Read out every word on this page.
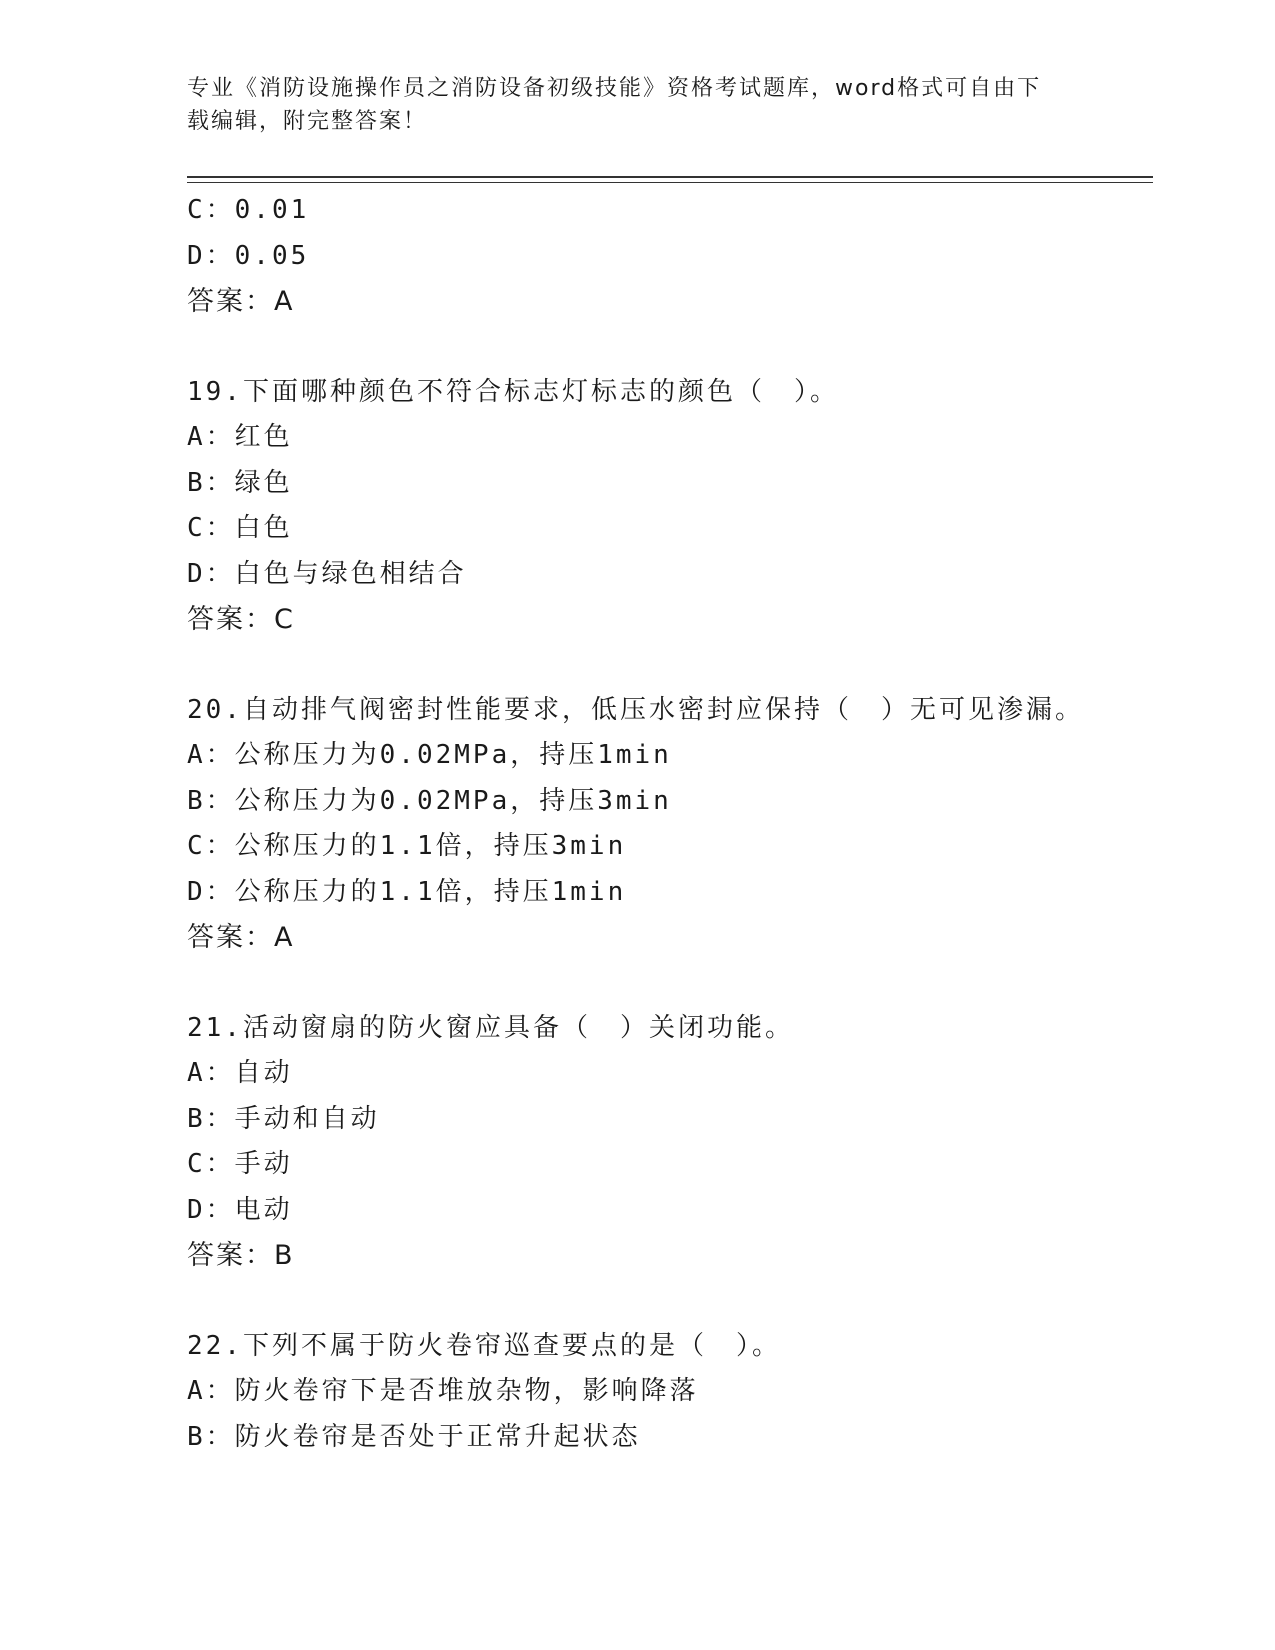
专业《消防设施操作员之消防设备初级技能》资格考试题库，word格式可自由下
载编辑，附完整答案！
C：0.01
D：0.05
答案：A
19.下面哪种颜色不符合标志灯标志的颜色（　）。
A：红色
B：绿色
C：白色
D：白色与绿色相结合
答案：C
20.自动排气阀密封性能要求，低压水密封应保持（　）无可见渗漏。
A：公称压力为0.02MPa，持压1min
B：公称压力为0.02MPa，持压3min
C：公称压力的1.1倍，持压3min
D：公称压力的1.1倍，持压1min
答案：A
21.活动窗扇的防火窗应具备（　）关闭功能。
A：自动
B：手动和自动
C：手动
D：电动
答案：B
22.下列不属于防火卷帘巡查要点的是（　）。
A：防火卷帘下是否堆放杂物，影响降落
B：防火卷帘是否处于正常升起状态
